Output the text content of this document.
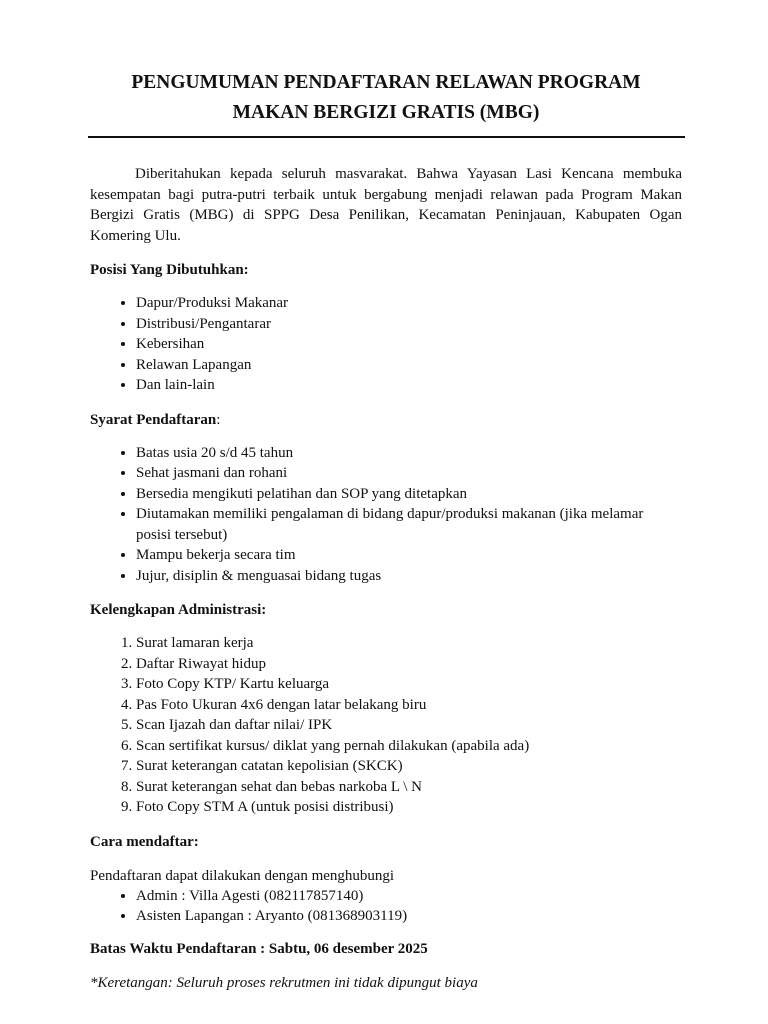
PENGUMUMAN PENDAFTARAN RELAWAN PROGRAM
MAKAN BERGIZI GRATIS (MBG)

Diberitahukan kepada seluruh masvarakat. Bahwa Yayasan Lasi Kencana membuka kesempatan bagi putra-putri terbaik untuk bergabung menjadi relawan pada Program Makan Bergizi Gratis (MBG) di SPPG Desa Penilikan, Kecamatan Peninjauan, Kabupaten Ogan Komering Ulu.

Posisi Yang Dibutuhkan:

• Dapur/Produksi Makanar
• Distribusi/Pengantarar
• Kebersihan
• Relawan Lapangan
• Dan lain-lain

Syarat Pendaftaran:

• Batas usia 20 s/d 45 tahun
• Sehat jasmani dan rohani
• Bersedia mengikuti pelatihan dan SOP yang ditetapkan
• Diutamakan memiliki pengalaman di bidang dapur/produksi makanan (jika melamar posisi tersebut)
• Mampu bekerja secara tim
• Jujur, disiplin & menguasai bidang tugas

Kelengkapan Administrasi:

1. Surat lamaran kerja
2. Daftar Riwayat hidup
3. Foto Copy KTP/ Kartu keluarga
4. Pas Foto Ukuran 4x6 dengan latar belakang biru
5. Scan Ijazah dan daftar nilai/ IPK
6. Scan sertifikat kursus/ diklat yang pernah dilakukan (apabila ada)
7. Surat keterangan catatan kepolisian (SKCK)
8. Surat keterangan sehat dan bebas narkoba L \ N
9. Foto Copy STM A (untuk posisi distribusi)

Cara mendaftar:

Pendaftaran dapat dilakukan dengan menghubungi

• Admin : Villa Agesti (082117857140)
• Asisten Lapangan : Aryanto (081368903119)

Batas Waktu Pendaftaran : Sabtu, 06 desember 2025

*Keretangan: Seluruh proses rekrutmen ini tidak dipungut biaya
